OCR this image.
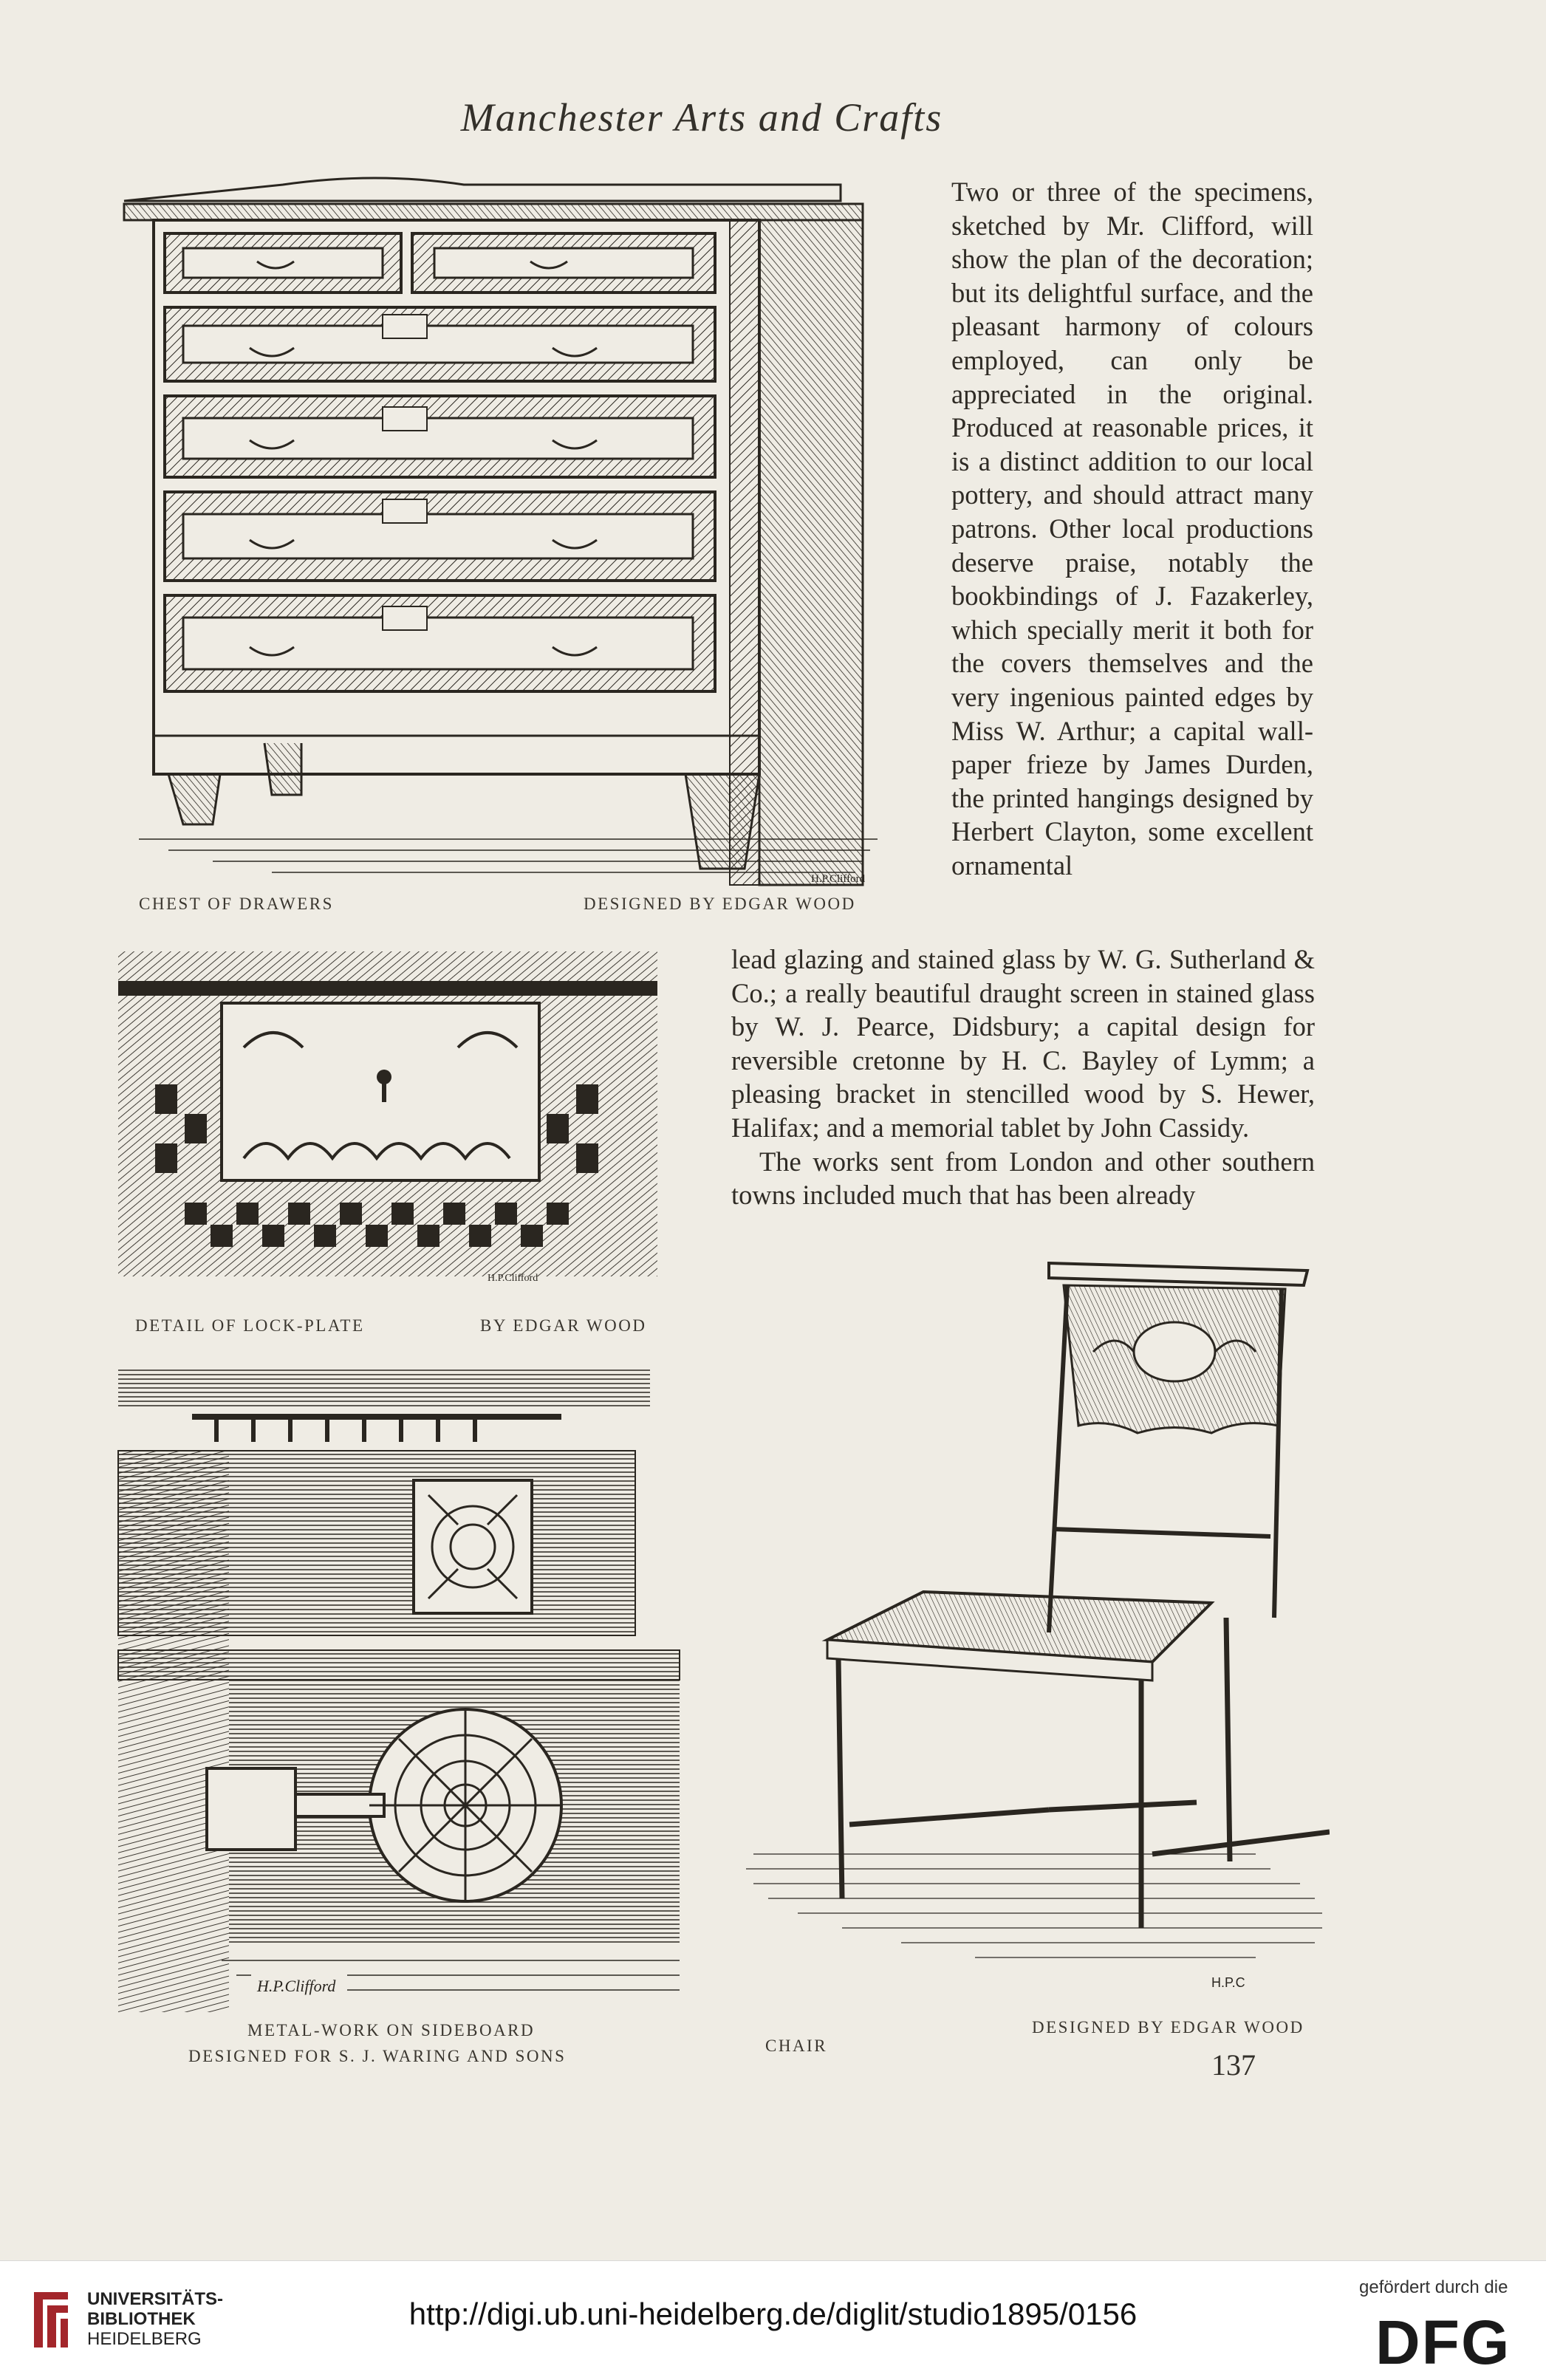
Manchester Arts and Crafts
H.P.Clifford
CHEST OF DRAWERS	DESIGNED BY EDGAR WOOD
H.P.Clifford
DETAIL OF LOCK-PLATE	BY EDGAR WOOD

Two or three of the specimens, sketched by Mr. Clifford, will show the plan of the decoration; but its delightful surface, and the pleasant harmony of colours employed, can only be appreciated in the original. Produced at reasonable prices, it is a distinct addition to our local pottery, and should attract many patrons. Other local productions deserve praise, notably the bookbindings of J. Fazakerley, which specially merit it both for the covers themselves and the very ingenious painted edges by Miss W. Arthur; a capital wall-paper frieze by James Durden, the printed hangings designed by Herbert Clayton, some excellent ornamental

lead glazing and stained glass by W. G. Sutherland & Co.; a really beautiful draught screen in stained glass by W. J. Pearce, Didsbury; a capital design for reversible cretonne by H. C. Bayley of Lymm; a pleasing bracket in stencilled wood by S. Hewer, Halifax; and a memorial tablet by John Cassidy.

The works sent from London and other southern towns included much that has been already

H.P.Clifford
METAL-WORK ON SIDEBOARD
DESIGNED FOR S. J. WARING AND SONS
H.P.C
CHAIR
DESIGNED BY EDGAR WOOD
137
UNIVERSITÄTS-
BIBLIOTHEK
HEIDELBERG
http://digi.ub.uni-heidelberg.de/diglit/studio1895/0156
gefördert durch die
DFG
